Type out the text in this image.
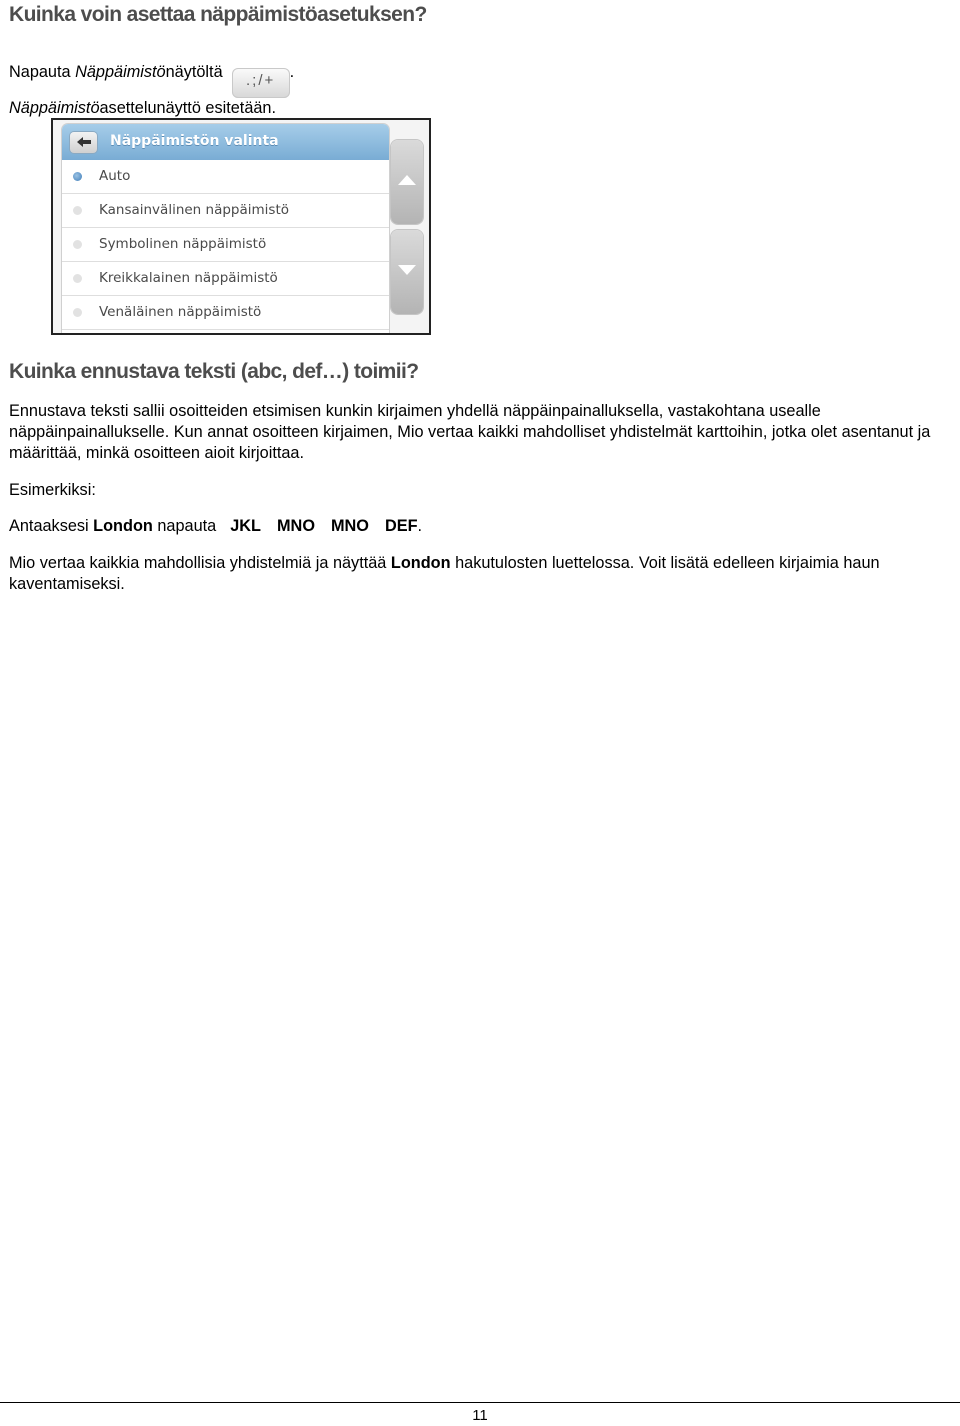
Kuinka voin asettaa näppäimistöasetuksen?

Napauta Näppäimistönäytöltä .;/+ .
Näppäimistöasettelunäyttö esitetään.

Näppäimistön valinta
Auto
Kansainvälinen näppäimistö
Symbolinen näppäimistö
Kreikkalainen näppäimistö
Venäläinen näppäimistö
Kuinka ennustava teksti (abc, def…) toimii?

Ennustava teksti sallii osoitteiden etsimisen kunkin kirjaimen yhdellä näppäinpainalluksella, vastakohtana usealle näppäinpainallukselle. Kun annat osoitteen kirjaimen, Mio vertaa kaikki mahdolliset yhdistelmät karttoihin, jotka olet asentanut ja määrittää, minkä osoitteen aioit kirjoittaa.

Esimerkiksi:

Antaaksesi London napauta JKL MNO MNO DEF.

Mio vertaa kaikkia mahdollisia yhdistelmiä ja näyttää London hakutulosten luettelossa. Voit lisätä edelleen kirjaimia haun kaventamiseksi.

11
